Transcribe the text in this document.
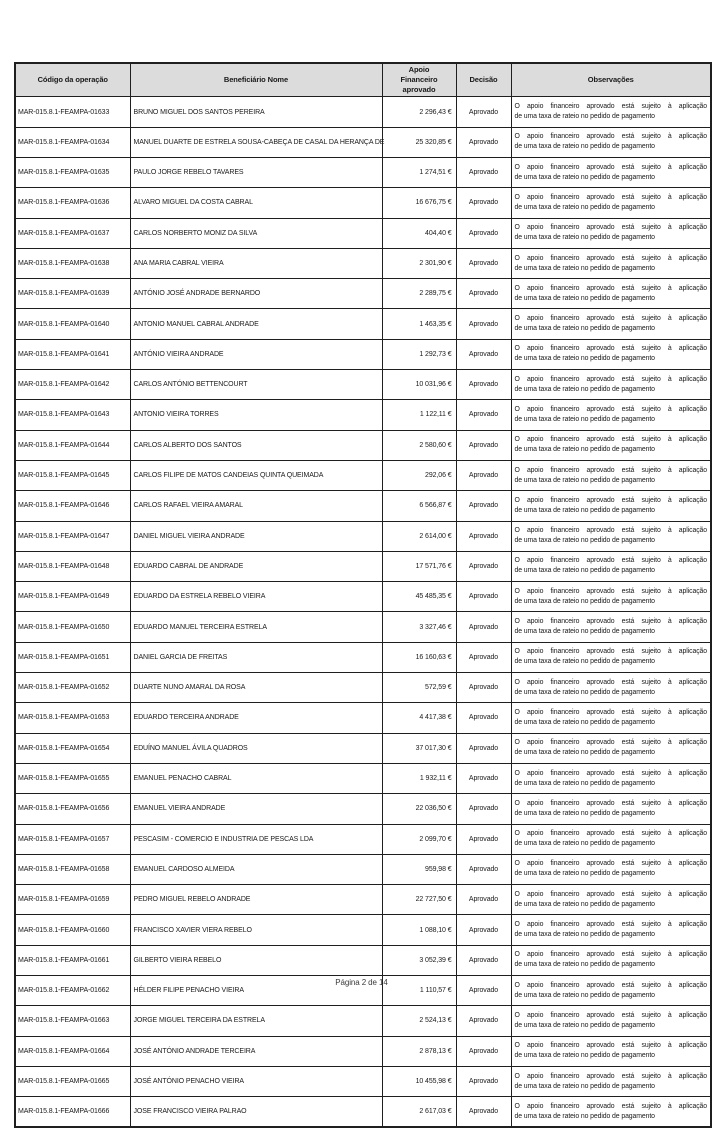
Código da operação	Beneficiário Nome	Apoio Financeiro aprovado	Decisão	Observações
MAR-015.8.1-FEAMPA-01633	BRUNO MIGUEL DOS SANTOS PEREIRA	2 296,43 €	Aprovado	O apoio financeiro aprovado está sujeito à aplicação
de uma taxa de rateio no pedido de pagamento

MAR-015.8.1-FEAMPA-01634	MANUEL DUARTE DE ESTRELA SOUSA-CABEÇA DE CASAL DA HERANÇA DE	25 320,85 €	Aprovado	O apoio financeiro aprovado está sujeito à aplicação
de uma taxa de rateio no pedido de pagamento

MAR-015.8.1-FEAMPA-01635	PAULO JORGE REBELO TAVARES	1 274,51 €	Aprovado	O apoio financeiro aprovado está sujeito à aplicação
de uma taxa de rateio no pedido de pagamento

MAR-015.8.1-FEAMPA-01636	ALVARO MIGUEL DA COSTA CABRAL	16 676,75 €	Aprovado	O apoio financeiro aprovado está sujeito à aplicação
de uma taxa de rateio no pedido de pagamento

MAR-015.8.1-FEAMPA-01637	CARLOS NORBERTO MONIZ DA SILVA	404,40 €	Aprovado	O apoio financeiro aprovado está sujeito à aplicação
de uma taxa de rateio no pedido de pagamento

MAR-015.8.1-FEAMPA-01638	ANA MARIA CABRAL VIEIRA	2 301,90 €	Aprovado	O apoio financeiro aprovado está sujeito à aplicação
de uma taxa de rateio no pedido de pagamento

MAR-015.8.1-FEAMPA-01639	ANTÓNIO JOSÉ ANDRADE BERNARDO	2 289,75 €	Aprovado	O apoio financeiro aprovado está sujeito à aplicação
de uma taxa de rateio no pedido de pagamento

MAR-015.8.1-FEAMPA-01640	ANTONIO MANUEL CABRAL ANDRADE	1 463,35 €	Aprovado	O apoio financeiro aprovado está sujeito à aplicação
de uma taxa de rateio no pedido de pagamento

MAR-015.8.1-FEAMPA-01641	ANTÓNIO VIEIRA ANDRADE	1 292,73 €	Aprovado	O apoio financeiro aprovado está sujeito à aplicação
de uma taxa de rateio no pedido de pagamento

MAR-015.8.1-FEAMPA-01642	CARLOS ANTÓNIO BETTENCOURT	10 031,96 €	Aprovado	O apoio financeiro aprovado está sujeito à aplicação
de uma taxa de rateio no pedido de pagamento

MAR-015.8.1-FEAMPA-01643	ANTONIO VIEIRA TORRES	1 122,11 €	Aprovado	O apoio financeiro aprovado está sujeito à aplicação
de uma taxa de rateio no pedido de pagamento

MAR-015.8.1-FEAMPA-01644	CARLOS ALBERTO DOS SANTOS	2 580,60 €	Aprovado	O apoio financeiro aprovado está sujeito à aplicação
de uma taxa de rateio no pedido de pagamento

MAR-015.8.1-FEAMPA-01645	CARLOS FILIPE DE MATOS CANDEIAS QUINTA QUEIMADA	292,06 €	Aprovado	O apoio financeiro aprovado está sujeito à aplicação
de uma taxa de rateio no pedido de pagamento

MAR-015.8.1-FEAMPA-01646	CARLOS RAFAEL VIEIRA AMARAL	6 566,87 €	Aprovado	O apoio financeiro aprovado está sujeito à aplicação
de uma taxa de rateio no pedido de pagamento

MAR-015.8.1-FEAMPA-01647	DANIEL MIGUEL VIEIRA ANDRADE	2 614,00 €	Aprovado	O apoio financeiro aprovado está sujeito à aplicação
de uma taxa de rateio no pedido de pagamento

MAR-015.8.1-FEAMPA-01648	EDUARDO CABRAL DE ANDRADE	17 571,76 €	Aprovado	O apoio financeiro aprovado está sujeito à aplicação
de uma taxa de rateio no pedido de pagamento

MAR-015.8.1-FEAMPA-01649	EDUARDO DA ESTRELA REBELO VIEIRA	45 485,35 €	Aprovado	O apoio financeiro aprovado está sujeito à aplicação
de uma taxa de rateio no pedido de pagamento

MAR-015.8.1-FEAMPA-01650	EDUARDO MANUEL TERCEIRA ESTRELA	3 327,46 €	Aprovado	O apoio financeiro aprovado está sujeito à aplicação
de uma taxa de rateio no pedido de pagamento

MAR-015.8.1-FEAMPA-01651	DANIEL GARCIA DE FREITAS	16 160,63 €	Aprovado	O apoio financeiro aprovado está sujeito à aplicação
de uma taxa de rateio no pedido de pagamento

MAR-015.8.1-FEAMPA-01652	DUARTE NUNO AMARAL DA ROSA	572,59 €	Aprovado	O apoio financeiro aprovado está sujeito à aplicação
de uma taxa de rateio no pedido de pagamento

MAR-015.8.1-FEAMPA-01653	EDUARDO TERCEIRA ANDRADE	4 417,38 €	Aprovado	O apoio financeiro aprovado está sujeito à aplicação
de uma taxa de rateio no pedido de pagamento

MAR-015.8.1-FEAMPA-01654	EDUÍNO MANUEL ÁVILA QUADROS	37 017,30 €	Aprovado	O apoio financeiro aprovado está sujeito à aplicação
de uma taxa de rateio no pedido de pagamento

MAR-015.8.1-FEAMPA-01655	EMANUEL PENACHO CABRAL	1 932,11 €	Aprovado	O apoio financeiro aprovado está sujeito à aplicação
de uma taxa de rateio no pedido de pagamento

MAR-015.8.1-FEAMPA-01656	EMANUEL VIEIRA ANDRADE	22 036,50 €	Aprovado	O apoio financeiro aprovado está sujeito à aplicação
de uma taxa de rateio no pedido de pagamento

MAR-015.8.1-FEAMPA-01657	PESCASIM - COMERCIO E INDUSTRIA DE PESCAS LDA	2 099,70 €	Aprovado	O apoio financeiro aprovado está sujeito à aplicação
de uma taxa de rateio no pedido de pagamento

MAR-015.8.1-FEAMPA-01658	EMANUEL CARDOSO ALMEIDA	959,98 €	Aprovado	O apoio financeiro aprovado está sujeito à aplicação
de uma taxa de rateio no pedido de pagamento

MAR-015.8.1-FEAMPA-01659	PEDRO MIGUEL REBELO ANDRADE	22 727,50 €	Aprovado	O apoio financeiro aprovado está sujeito à aplicação
de uma taxa de rateio no pedido de pagamento

MAR-015.8.1-FEAMPA-01660	FRANCISCO XAVIER VIERA REBELO	1 088,10 €	Aprovado	O apoio financeiro aprovado está sujeito à aplicação
de uma taxa de rateio no pedido de pagamento

MAR-015.8.1-FEAMPA-01661	GILBERTO VIEIRA REBELO	3 052,39 €	Aprovado	O apoio financeiro aprovado está sujeito à aplicação
de uma taxa de rateio no pedido de pagamento

MAR-015.8.1-FEAMPA-01662	HÉLDER FILIPE PENACHO VIEIRA	1 110,57 €	Aprovado	O apoio financeiro aprovado está sujeito à aplicação
de uma taxa de rateio no pedido de pagamento

MAR-015.8.1-FEAMPA-01663	JORGE MIGUEL TERCEIRA DA ESTRELA	2 524,13 €	Aprovado	O apoio financeiro aprovado está sujeito à aplicação
de uma taxa de rateio no pedido de pagamento

MAR-015.8.1-FEAMPA-01664	JOSÉ ANTÓNIO ANDRADE TERCEIRA	2 878,13 €	Aprovado	O apoio financeiro aprovado está sujeito à aplicação
de uma taxa de rateio no pedido de pagamento

MAR-015.8.1-FEAMPA-01665	JOSÉ ANTÓNIO PENACHO VIEIRA	10 455,98 €	Aprovado	O apoio financeiro aprovado está sujeito à aplicação
de uma taxa de rateio no pedido de pagamento

MAR-015.8.1-FEAMPA-01666	JOSE FRANCISCO VIEIRA PALRAO	2 617,03 €	Aprovado	O apoio financeiro aprovado está sujeito à aplicação
de uma taxa de rateio no pedido de pagamento
Página 2 de 14
